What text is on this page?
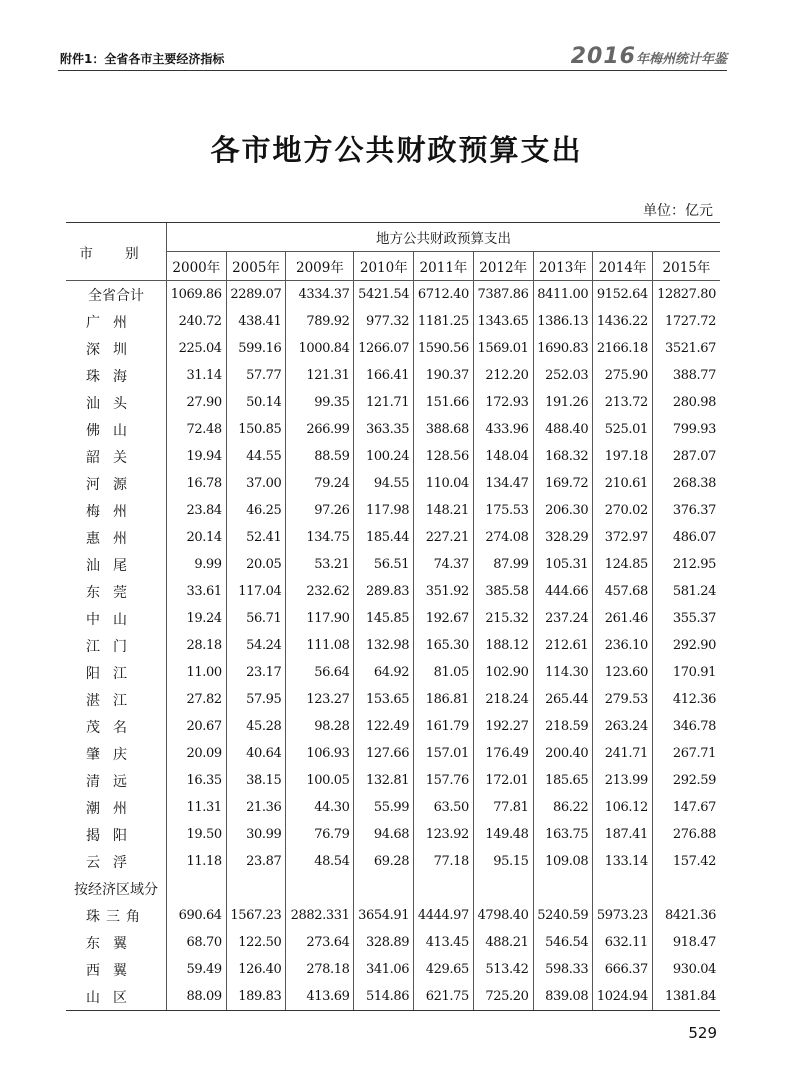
附件1：全省各市主要经济指标	2016年梅州统计年鉴
各市地方公共财政预算支出
单位：亿元
市 别	地方公共财政预算支出								
	2000年	2005年	2009年	2010年	2011年	2012年	2013年	2014年	2015年
全省合计	1069.86	2289.07	4334.37	5421.54	6712.40	7387.86	8411.00	9152.64	12827.80
广州	240.72	438.41	789.92	977.32	1181.25	1343.65	1386.13	1436.22	1727.72
深圳	225.04	599.16	1000.84	1266.07	1590.56	1569.01	1690.83	2166.18	3521.67
珠海	31.14	57.77	121.31	166.41	190.37	212.20	252.03	275.90	388.77
汕头	27.90	50.14	99.35	121.71	151.66	172.93	191.26	213.72	280.98
佛山	72.48	150.85	266.99	363.35	388.68	433.96	488.40	525.01	799.93
韶关	19.94	44.55	88.59	100.24	128.56	148.04	168.32	197.18	287.07
河源	16.78	37.00	79.24	94.55	110.04	134.47	169.72	210.61	268.38
梅州	23.84	46.25	97.26	117.98	148.21	175.53	206.30	270.02	376.37
惠州	20.14	52.41	134.75	185.44	227.21	274.08	328.29	372.97	486.07
汕尾	9.99	20.05	53.21	56.51	74.37	87.99	105.31	124.85	212.95
东莞	33.61	117.04	232.62	289.83	351.92	385.58	444.66	457.68	581.24
中山	19.24	56.71	117.90	145.85	192.67	215.32	237.24	261.46	355.37
江门	28.18	54.24	111.08	132.98	165.30	188.12	212.61	236.10	292.90
阳江	11.00	23.17	56.64	64.92	81.05	102.90	114.30	123.60	170.91
湛江	27.82	57.95	123.27	153.65	186.81	218.24	265.44	279.53	412.36
茂名	20.67	45.28	98.28	122.49	161.79	192.27	218.59	263.24	346.78
肇庆	20.09	40.64	106.93	127.66	157.01	176.49	200.40	241.71	267.71
清远	16.35	38.15	100.05	132.81	157.76	172.01	185.65	213.99	292.59
潮州	11.31	21.36	44.30	55.99	63.50	77.81	86.22	106.12	147.67
揭阳	19.50	30.99	76.79	94.68	123.92	149.48	163.75	187.41	276.88
云浮	11.18	23.87	48.54	69.28	77.18	95.15	109.08	133.14	157.42
按经济区域分									
珠三角	690.64	1567.23	2882.331	3654.91	4444.97	4798.40	5240.59	5973.23	8421.36
东翼	68.70	122.50	273.64	328.89	413.45	488.21	546.54	632.11	918.47
西翼	59.49	126.40	278.18	341.06	429.65	513.42	598.33	666.37	930.04
山区	88.09	189.83	413.69	514.86	621.75	725.20	839.08	1024.94	1381.84
529
